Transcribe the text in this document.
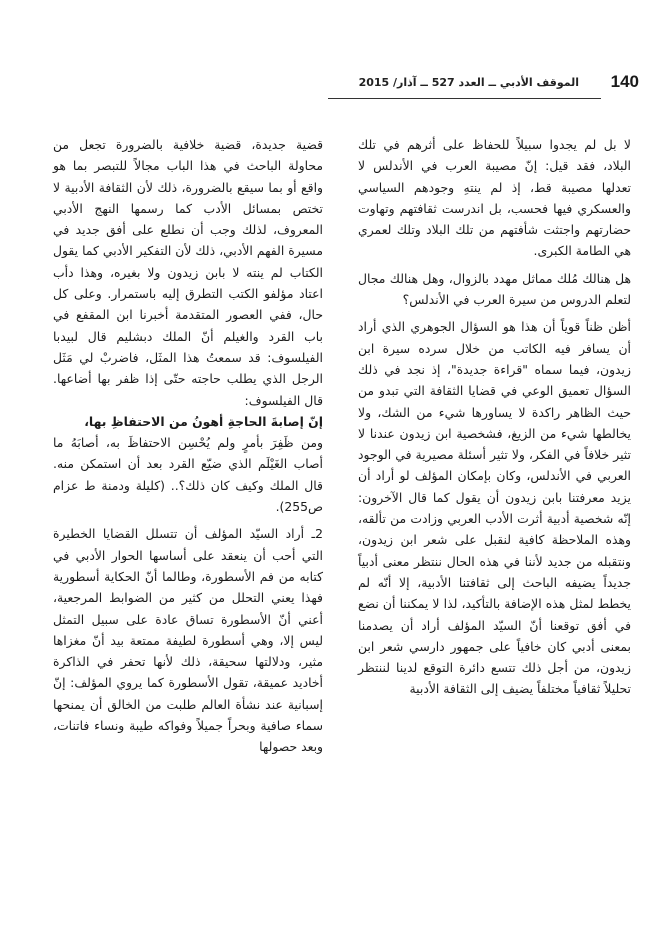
140
الموقف الأدبي ــ العدد 527 ــ آذار/ 2015

لا بل لم يجدوا سبيلاً للحفاظ على أثرهم في تلك البلاد، فقد قيل: إنّ مصيبة العرب في الأندلس لا تعدلها مصيبة قط، إذ لم ينتهِ وجودهم السياسي والعسكري فيها فحسب، بل اندرست ثقافتهم وتهاوت حضارتهم واجتثت شأفتهم من تلك البلاد وتلك لعمري هي الطامة الكبرى.

هل هنالك مُلك مماثل مهدد بالزوال، وهل هنالك مجال لتعلم الدروس من سيرة العرب في الأندلس؟

أظن ظناً قوياً أن هذا هو السؤال الجوهري الذي أراد أن يسافر فيه الكاتب من خلال سرده سيرة ابن زيدون، فيما سماه "قراءة جديدة"، إذ نجد في ذلك السؤال تعميق الوعي في قضايا الثقافة التي تبدو من حيث الظاهر راكدة لا يساورها شيء من الشك، ولا يخالطها شيء من الزيغ، فشخصية ابن زيدون عندنا لا تثير خلافاً في الفكر، ولا تثير أسئلة مصيرية في الوجود العربي في الأندلس، وكان بإمكان المؤلف لو أراد أن يزيد معرفتنا بابن زيدون أن يقول كما قال الآخرون: إنّه شخصية أدبية أثرت الأدب العربي وزادت من تألقه، وهذه الملاحظة كافية لنقبل على شعر ابن زيدون، ونتقبله من جديد لأننا في هذه الحال ننتظر معنى أدبياً جديداً يضيفه الباحث إلى ثقافتنا الأدبية، إلا أنّه لم يخطط لمثل هذه الإضافة بالتأكيد، لذا لا يمكننا أن نضع في أفق توقعنا أنّ السيّد المؤلف أراد أن يصدمنا بمعنى أدبي كان خافياً على جمهور دارسي شعر ابن زيدون، من أجل ذلك تتسع دائرة التوقع لدينا لننتظر تحليلاً ثقافياً مختلفاً يضيف إلى الثقافة الأدبية

قضية جديدة، قضية خلافية بالضرورة تجعل من محاولة الباحث في هذا الباب مجالاً للتبصر بما هو واقع أو بما سيقع بالضرورة، ذلك لأن الثقافة الأدبية لا تختص بمسائل الأدب كما رسمها النهج الأدبي المعروف، لذلك وجب أن نطلع على أفق جديد في مسيرة الفهم الأدبي، ذلك لأن التفكير الأدبي كما يقول الكتاب لم ينته لا بابن زيدون ولا بغيره، وهذا دأب اعتاد مؤلفو الكتب التطرق إليه باستمرار. وعلى كل حال، ففي العصور المتقدمة أخبرنا ابن المقفع في باب القرد والغيلم أنّ الملك دبشليم قال لبيدبا الفيلسوف: قد سمعتُ هذا المثَل، فاضربْ لي مَثَل الرجل الذي يطلب حاجته حتّى إذا ظفر بها أضاعها. قال الفيلسوف:

إنّ إصابةَ الحاجةِ أهونُ من الاحتفاظِ بها،

ومن ظَفِرَ بأمرٍ ولم يُحْسِن الاحتفاظَ به، أصابَهُ ما أصاب الغَيْلَم الذي ضيّع القرد بعد أن استمكن منه. قال الملك وكيف كان ذلك؟.. (كليلة ودمنة ط عزام ص255).

2ـ أراد السيّد المؤلف أن تتسلل القضايا الخطيرة التي أحب أن ينعقد على أساسها الحوار الأدبي في كتابه من فم الأسطورة، وطالما أنّ الحكاية أسطورية فهذا يعني التحلل من كثير من الضوابط المرجعية، أعني أنّ الأسطورة تساق عادة على سبيل التمثل ليس إلا، وهي أسطورة لطيفة ممتعة بيد أنّ مغزاها مثير، ودلالتها سحيقة، ذلك لأنها تحفر في الذاكرة أخاديد عميقة، تقول الأسطورة كما يروي المؤلف: إنّ إسبانية عند نشأة العالم طلبت من الخالق أن يمنحها سماء صافية وبحراً جميلاً وفواكه طيبة ونساء فاتنات، وبعد حصولها
